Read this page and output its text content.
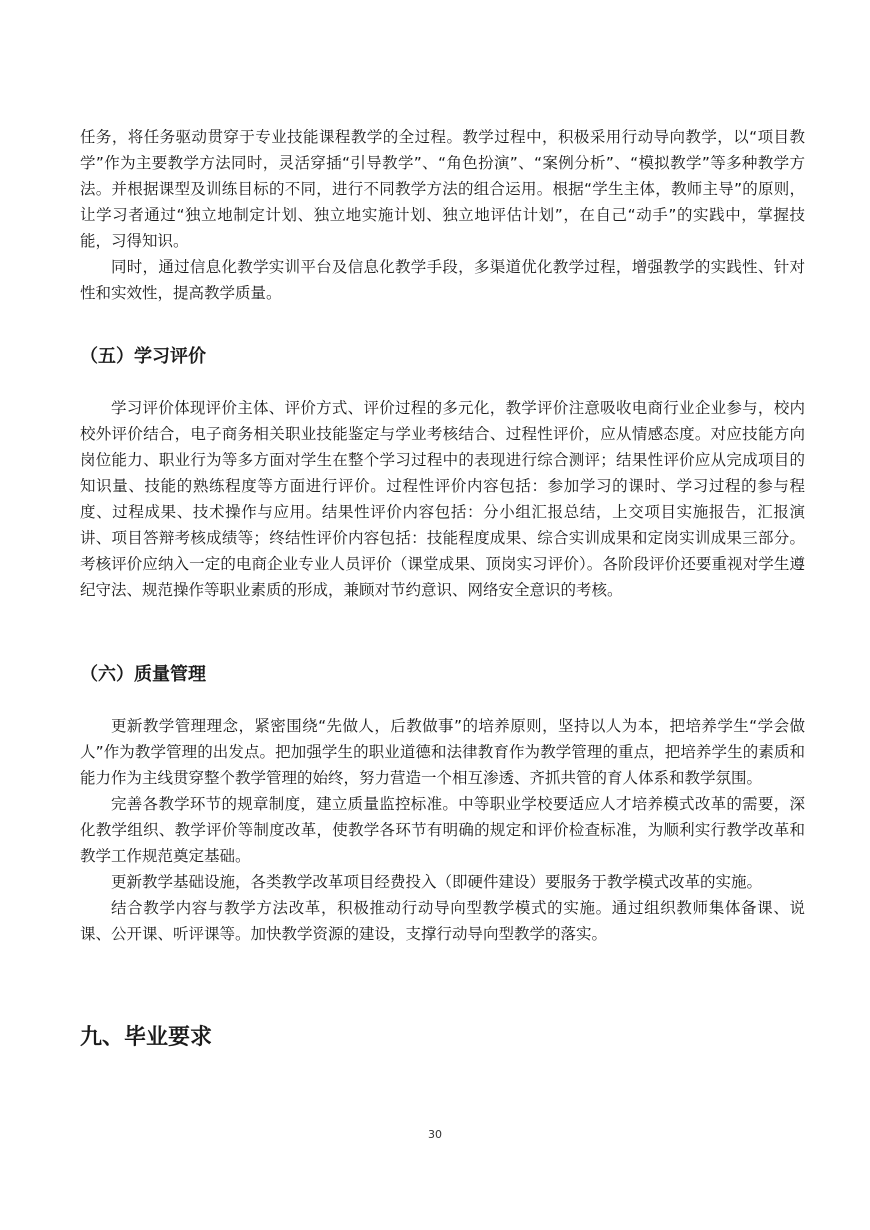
任务，将任务驱动贯穿于专业技能课程教学的全过程。教学过程中，积极采用行动导向教学，以“项目教学”作为主要教学方法同时，灵活穿插“引导教学”、“角色扮演”、“案例分析”、“模拟教学”等多种教学方法。并根据课型及训练目标的不同，进行不同教学方法的组合运用。根据“学生主体，教师主导”的原则，让学习者通过“独立地制定计划、独立地实施计划、独立地评估计划”，在自己“动手”的实践中，掌握技能，习得知识。

同时，通过信息化教学实训平台及信息化教学手段，多渠道优化教学过程，增强教学的实践性、针对性和实效性，提高教学质量。

（五）学习评价

学习评价体现评价主体、评价方式、评价过程的多元化，教学评价注意吸收电商行业企业参与，校内校外评价结合，电子商务相关职业技能鉴定与学业考核结合、过程性评价，应从情感态度。对应技能方向岗位能力、职业行为等多方面对学生在整个学习过程中的表现进行综合测评；结果性评价应从完成项目的知识量、技能的熟练程度等方面进行评价。过程性评价内容包括：参加学习的课时、学习过程的参与程度、过程成果、技术操作与应用。结果性评价内容包括：分小组汇报总结，上交项目实施报告，汇报演讲、项目答辩考核成绩等；终结性评价内容包括：技能程度成果、综合实训成果和定岗实训成果三部分。考核评价应纳入一定的电商企业专业人员评价（课堂成果、顶岗实习评价）。各阶段评价还要重视对学生遵纪守法、规范操作等职业素质的形成，兼顾对节约意识、网络安全意识的考核。

（六）质量管理

更新教学管理理念，紧密围绕“先做人，后教做事”的培养原则，坚持以人为本，把培养学生“学会做人”作为教学管理的出发点。把加强学生的职业道德和法律教育作为教学管理的重点，把培养学生的素质和能力作为主线贯穿整个教学管理的始终，努力营造一个相互渗透、齐抓共管的育人体系和教学氛围。

完善各教学环节的规章制度，建立质量监控标准。中等职业学校要适应人才培养模式改革的需要，深化教学组织、教学评价等制度改革，使教学各环节有明确的规定和评价检查标准，为顺利实行教学改革和教学工作规范奠定基础。

更新教学基础设施，各类教学改革项目经费投入（即硬件建设）要服务于教学模式改革的实施。

结合教学内容与教学方法改革，积极推动行动导向型教学模式的实施。通过组织教师集体备课、说课、公开课、听评课等。加快教学资源的建设，支撑行动导向型教学的落实。

九、毕业要求
30
